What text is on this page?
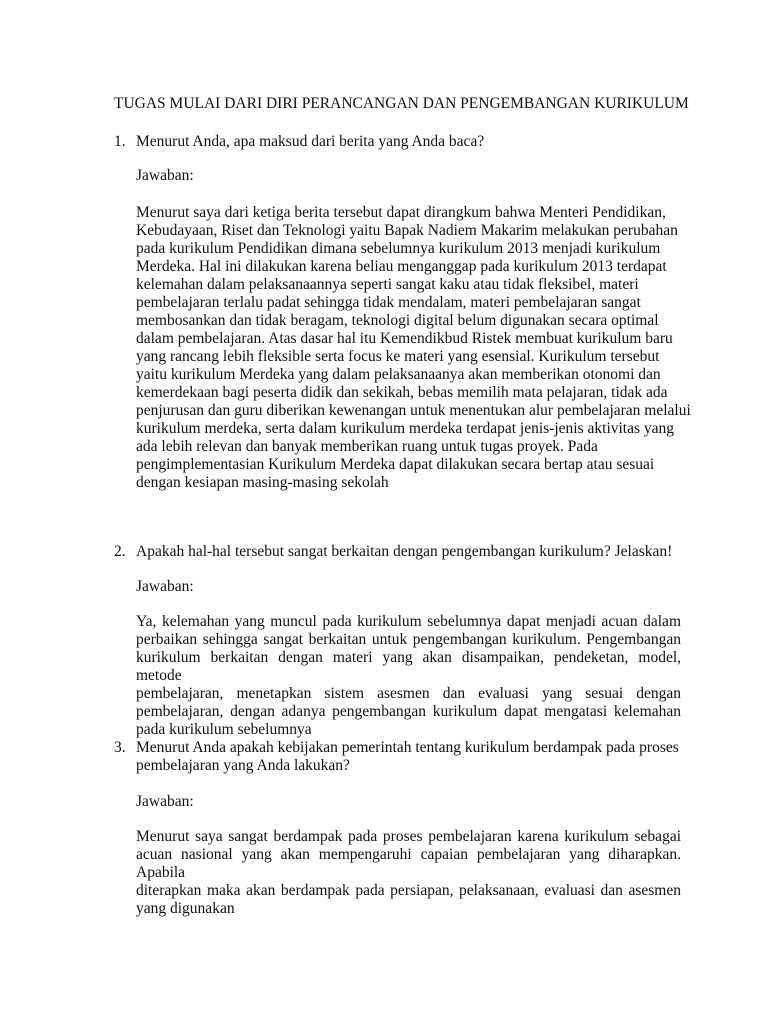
TUGAS MULAI DARI DIRI PERANCANGAN DAN PENGEMBANGAN KURIKULUM
1. Menurut Anda, apa maksud dari berita yang Anda baca?
Jawaban:
Menurut saya dari ketiga berita tersebut dapat dirangkum bahwa Menteri Pendidikan,
Kebudayaan, Riset dan Teknologi yaitu Bapak Nadiem Makarim melakukan perubahan
pada kurikulum Pendidikan dimana sebelumnya kurikulum 2013 menjadi kurikulum
Merdeka. Hal ini dilakukan karena beliau menganggap pada kurikulum 2013 terdapat
kelemahan dalam pelaksanaannya seperti sangat kaku atau tidak fleksibel, materi
pembelajaran terlalu padat sehingga tidak mendalam, materi pembelajaran sangat
membosankan dan tidak beragam, teknologi digital belum digunakan secara optimal
dalam pembelajaran. Atas dasar hal itu Kemendikbud Ristek membuat kurikulum baru
yang rancang lebih fleksible serta focus ke materi yang esensial. Kurikulum tersebut
yaitu kurikulum Merdeka yang dalam pelaksanaanya akan memberikan otonomi dan
kemerdekaan bagi peserta didik dan sekikah, bebas memilih mata pelajaran, tidak ada
penjurusan dan guru diberikan kewenangan untuk menentukan alur pembelajaran melalui
kurikulum merdeka, serta dalam kurikulum merdeka terdapat jenis-jenis aktivitas yang
ada lebih relevan dan banyak memberikan ruang untuk tugas proyek. Pada
pengimplementasian Kurikulum Merdeka dapat dilakukan secara bertap atau sesuai
dengan kesiapan masing-masing sekolah
2. Apakah hal-hal tersebut sangat berkaitan dengan pengembangan kurikulum? Jelaskan!
Jawaban:
Ya, kelemahan yang muncul pada kurikulum sebelumnya dapat menjadi acuan dalam
perbaikan sehingga sangat berkaitan untuk pengembangan kurikulum. Pengembangan
kurikulum berkaitan dengan materi yang akan disampaikan, pendeketan, model, metode
pembelajaran, menetapkan sistem asesmen dan evaluasi yang sesuai dengan
pembelajaran, dengan adanya pengembangan kurikulum dapat mengatasi kelemahan
pada kurikulum sebelumnya
3. Menurut Anda apakah kebijakan pemerintah tentang kurikulum berdampak pada proses
pembelajaran yang Anda lakukan?
Jawaban:
Menurut saya sangat berdampak pada proses pembelajaran karena kurikulum sebagai
acuan nasional yang akan mempengaruhi capaian pembelajaran yang diharapkan. Apabila
diterapkan maka akan berdampak pada persiapan, pelaksanaan, evaluasi dan asesmen
yang digunakan
